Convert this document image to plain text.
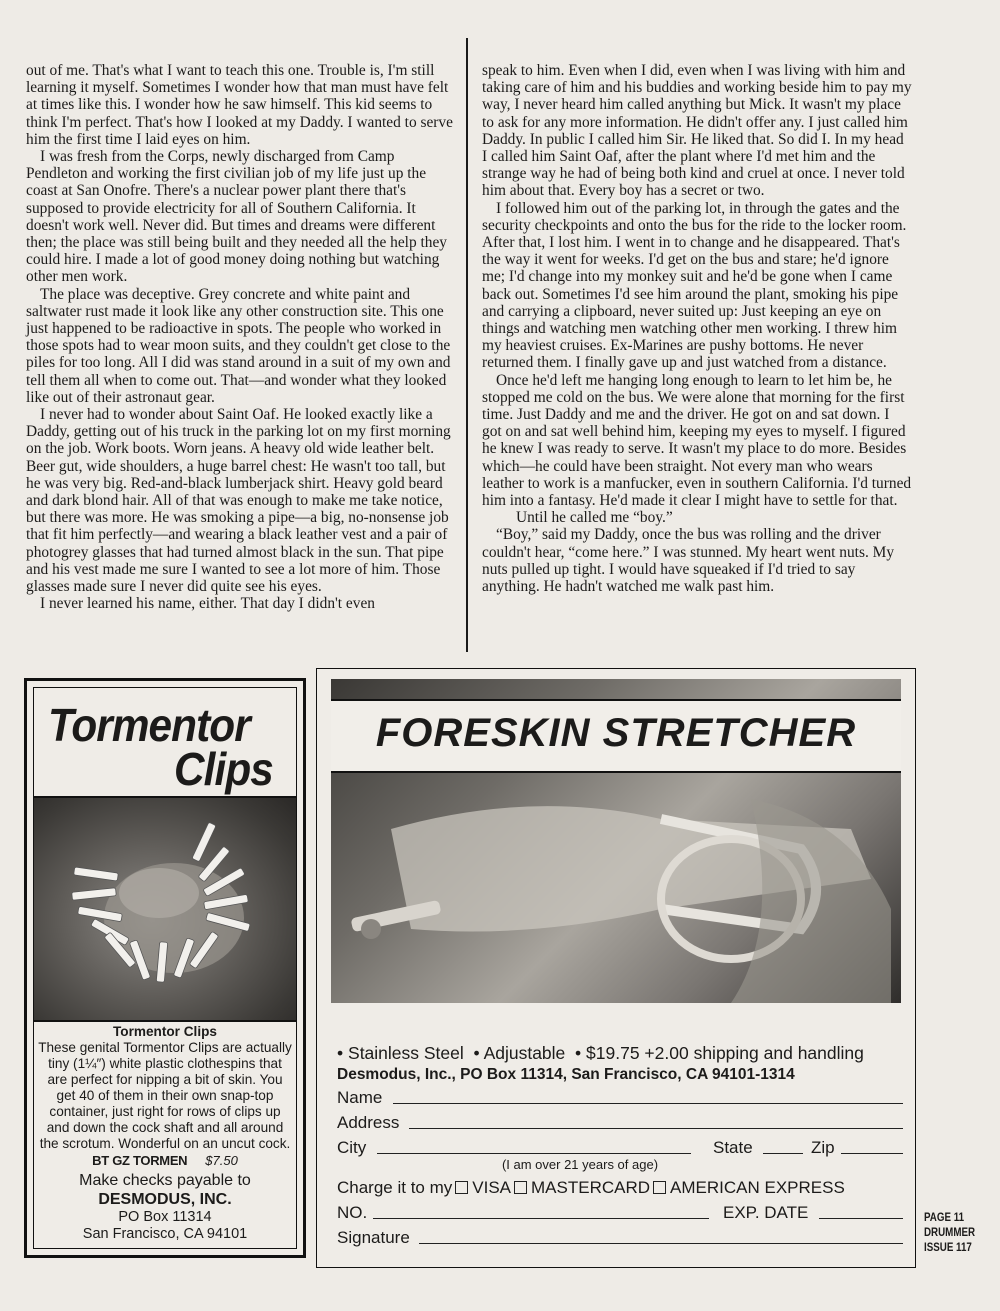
out of me. That's what I want to teach this one. Trouble is, I'm still learning it myself. Sometimes I wonder how that man must have felt at times like this. I wonder how he saw himself. This kid seems to think I'm perfect. That's how I looked at my Daddy. I wanted to serve him the first time I laid eyes on him.

I was fresh from the Corps, newly discharged from Camp Pendleton and working the first civilian job of my life just up the coast at San Onofre. There's a nuclear power plant there that's supposed to provide electricity for all of Southern California. It doesn't work well. Never did. But times and dreams were different then; the place was still being built and they needed all the help they could hire. I made a lot of good money doing nothing but watching other men work.

The place was deceptive. Grey concrete and white paint and saltwater rust made it look like any other construction site. This one just happened to be radioactive in spots. The people who worked in those spots had to wear moon suits, and they couldn't get close to the piles for too long. All I did was stand around in a suit of my own and tell them all when to come out. That—and wonder what they looked like out of their astronaut gear.

I never had to wonder about Saint Oaf. He looked exactly like a Daddy, getting out of his truck in the parking lot on my first morning on the job. Work boots. Worn jeans. A heavy old wide leather belt. Beer gut, wide shoulders, a huge barrel chest: He wasn't too tall, but he was very big. Red-and-black lumberjack shirt. Heavy gold beard and dark blond hair. All of that was enough to make me take notice, but there was more. He was smoking a pipe—a big, no-nonsense job that fit him perfectly—and wearing a black leather vest and a pair of photogrey glasses that had turned almost black in the sun. That pipe and his vest made me sure I wanted to see a lot more of him. Those glasses made sure I never did quite see his eyes.

I never learned his name, either. That day I didn't even

speak to him. Even when I did, even when I was living with him and taking care of him and his buddies and working beside him to pay my way, I never heard him called anything but Mick. It wasn't my place to ask for any more information. He didn't offer any. I just called him Daddy. In public I called him Sir. He liked that. So did I. In my head I called him Saint Oaf, after the plant where I'd met him and the strange way he had of being both kind and cruel at once. I never told him about that. Every boy has a secret or two.

I followed him out of the parking lot, in through the gates and the security checkpoints and onto the bus for the ride to the locker room. After that, I lost him. I went in to change and he disappeared. That's the way it went for weeks. I'd get on the bus and stare; he'd ignore me; I'd change into my monkey suit and he'd be gone when I came back out. Sometimes I'd see him around the plant, smoking his pipe and carrying a clipboard, never suited up: Just keeping an eye on things and watching men watching other men working. I threw him my heaviest cruises. Ex-Marines are pushy bottoms. He never returned them. I finally gave up and just watched from a distance.

Once he'd left me hanging long enough to learn to let him be, he stopped me cold on the bus. We were alone that morning for the first time. Just Daddy and me and the driver. He got on and sat down. I got on and sat well behind him, keeping my eyes to myself. I figured he knew I was ready to serve. It wasn't my place to do more. Besides which—he could have been straight. Not every man who wears leather to work is a manfucker, even in southern California. I'd turned him into a fantasy. He'd made it clear I might have to settle for that.

Until he called me “boy.”

“Boy,” said my Daddy, once the bus was rolling and the driver couldn't hear, “come here.” I was stunned. My heart went nuts. My nuts pulled up tight. I would have squeaked if I'd tried to say anything. He hadn't watched me walk past him.

Tormentor
Clips
Tormentor Clips
These genital Tormentor Clips are actually tiny (1¼″) white plastic clothespins that are perfect for nipping a bit of skin. You get 40 of them in their own snap-top container, just right for rows of clips up and down the cock shaft and all around the scrotum. Wonderful on an uncut cock.
BT GZ TORMEN $7.50
Make checks payable to
DESMODUS, INC.
PO Box 11314
San Francisco, CA 94101
FORESKIN STRETCHER
• Stainless Steel • Adjustable • $19.75 +2.00 shipping and handling
Desmodus, Inc., PO Box 11314, San Francisco, CA 94101-1314
Name
Address
City	State	Zip
(I am over 21 years of age)
Charge it to my VISA MASTERCARD AMERICAN EXPRESS
NO.	EXP. DATE
Signature
PAGE 11
DRUMMER
ISSUE 117
